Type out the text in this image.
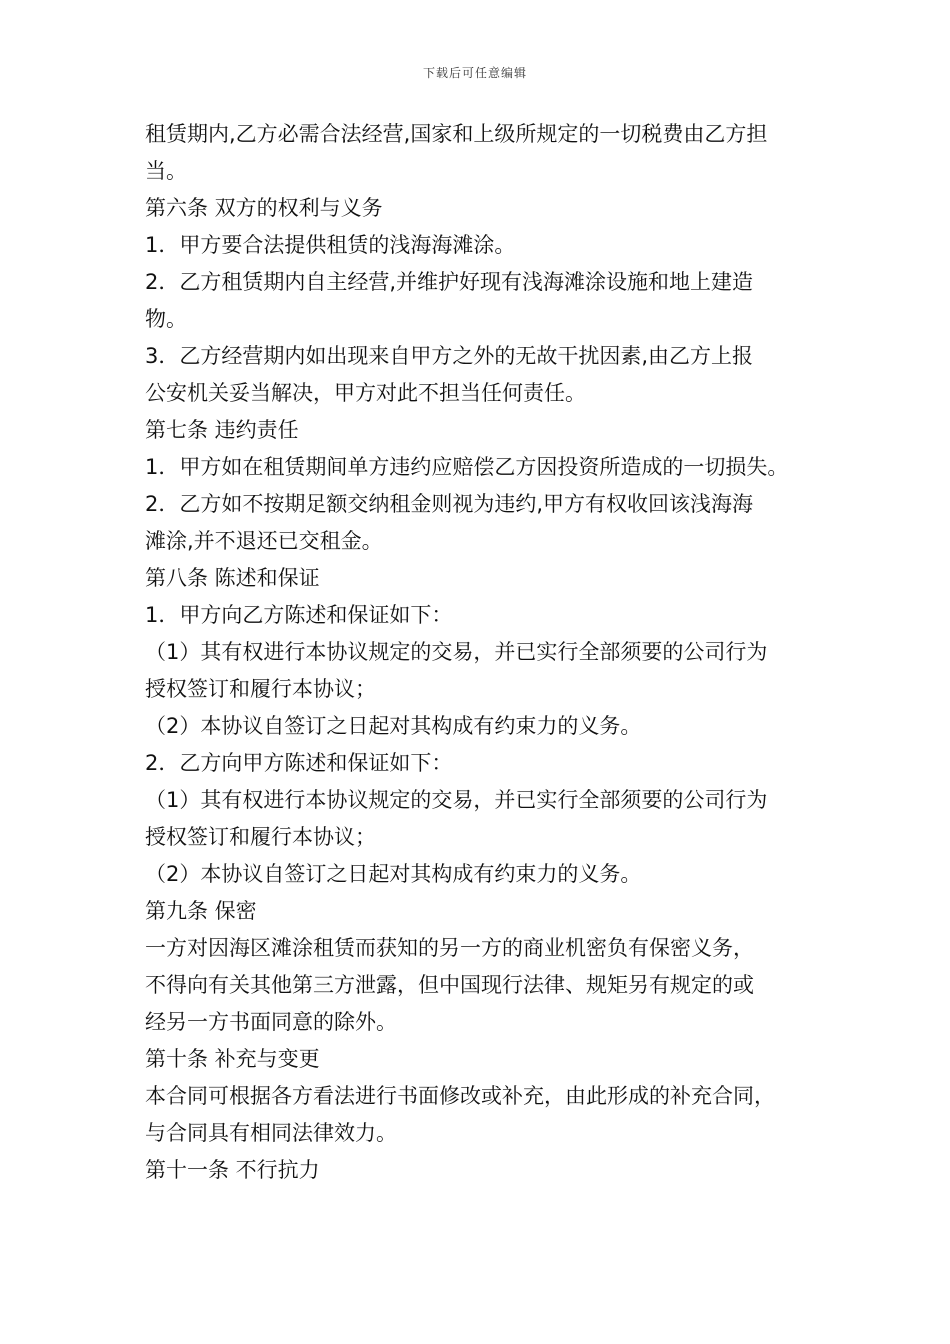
下载后可任意编辑
租赁期内,乙方必需合法经营,国家和上级所规定的一切税费由乙方担
当。
第六条 双方的权利与义务
1．甲方要合法提供租赁的浅海海滩涂。
2．乙方租赁期内自主经营,并维护好现有浅海滩涂设施和地上建造
物。
3．乙方经营期内如出现来自甲方之外的无故干扰因素,由乙方上报
公安机关妥当解决，甲方对此不担当任何责任。
第七条 违约责任
1．甲方如在租赁期间单方违约应赔偿乙方因投资所造成的一切损失。
2．乙方如不按期足额交纳租金则视为违约,甲方有权收回该浅海海
滩涂,并不退还已交租金。
第八条 陈述和保证
1．甲方向乙方陈述和保证如下：
（1）其有权进行本协议规定的交易，并已实行全部须要的公司行为
授权签订和履行本协议；
（2）本协议自签订之日起对其构成有约束力的义务。
2．乙方向甲方陈述和保证如下：
（1）其有权进行本协议规定的交易，并已实行全部须要的公司行为
授权签订和履行本协议；
（2）本协议自签订之日起对其构成有约束力的义务。
第九条 保密
一方对因海区滩涂租赁而获知的另一方的商业机密负有保密义务，
不得向有关其他第三方泄露，但中国现行法律、规矩另有规定的或
经另一方书面同意的除外。
第十条 补充与变更
本合同可根据各方看法进行书面修改或补充，由此形成的补充合同，
与合同具有相同法律效力。
第十一条 不行抗力
